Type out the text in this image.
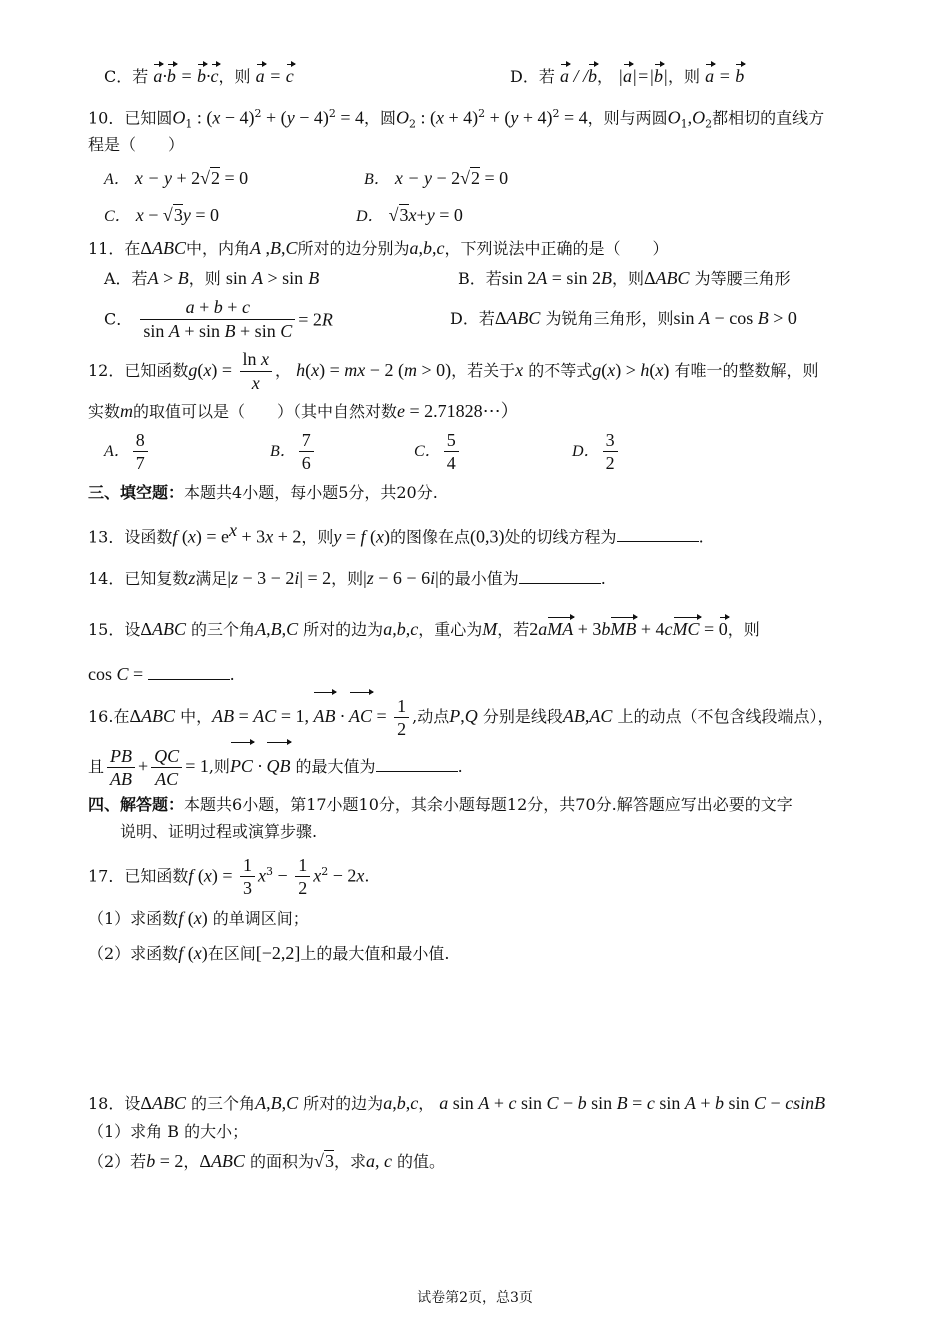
C．若 a·b = b·c，则 a = c	D．若 a / /b， |a|=|b|，则 a = b
10．已知圆$O_1$ : $(x - 4)^2 + (y - 4)^2 = 4$，圆$O_2$ : $(x + 4)^2 + (y + 4)^2 = 4$，则与两圆$O_1,O_2$都相切的直线方
程是（　　）
A． x − y + 2√2 = 0	B． x − y − 2√2 = 0
C． x − √3y = 0	D． √3x+y = 0
11．在ΔABC中，内角A ,B,C所对的边分别为a,b,c，下列说法中正确的是（　　）
A．若A > B，则 sin A > sin B	B．若sin 2A = sin 2B，则ΔABC 为等腰三角形
C． $\frac{a + b + c}{\text{sin A + sin B + sin C}} = 2R$	D．若ΔABC 为锐角三角形，则sin A − cos B > 0
12．已知函数$g(x) = \frac{\text{ln x}}{x}$ ， h(x) = mx − 2 (m > 0)，若关于x 的不等式g(x) > h(x) 有唯一的整数解，则
实数m的取值可以是（　　）（其中自然对数e = 2.71828⋯）
A． $\frac{8}{7}$	B． $\frac{7}{6}$	C． $\frac{5}{4}$	D． $\frac{3}{2}$
三、填空题：本题共4小题，每小题5分，共20分.
13．设函数f $(x) = e^x + 3x + 2$，则y = f (x)的图像在点(0,3)处的切线方程为	.
14．已知复数z满足|z − 3 − 2i| = 2，则|z − 6 − 6i|的最小值为	.
15．设ΔABC 的三个角A,B,C 所对的边为a,b,c，重心为M，若2aMA + 3bMB + 4cMC = 0，则
cos C =	.
16.在ΔABC 中，AB = AC = 1, AB · AC = $\frac{1}{2}$ ,动点P,Q 分别是线段AB,AC 上的动点（不包含线段端点），
且 $\frac{PB}{AB} + \frac{QC}{AC} = 1$,则PC · QB 的最大值为	.
四、解答题：本题共6小题，第17小题10分，其余小题每题12分，共70分.解答题应写出必要的文字
说明、证明过程或演算步骤.
17．已知函数f $(x) = \frac{1}{3} x^3 - \frac{1}{2} x^2 - 2x$.
（1）求函数f (x) 的单调区间；
（2）求函数f (x)在区间[−2,2]上的最大值和最小值.
18．设ΔABC 的三个角A,B,C 所对的边为a,b,c， a sin A + c sin C − b sin B = c sin A + b sin C − csinB
（1）求角 B 的大小；
（2）若b = 2，ΔABC 的面积为√3，求a, c 的值。
试卷第2页，总3页
